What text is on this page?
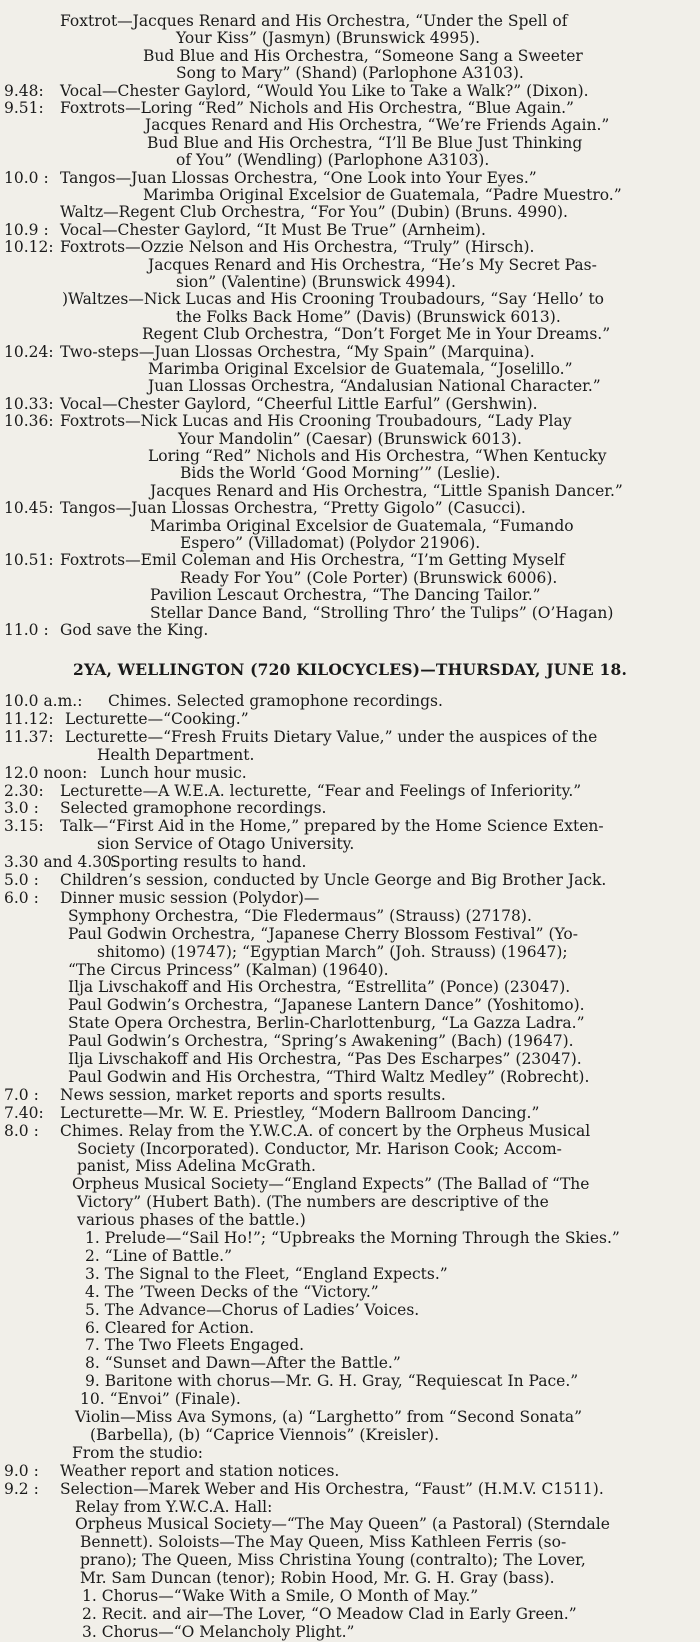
2YA, WELLINGTON (720 KILOCYCLES)—THURSDAY, JUNE 18.
Foxtrot—Jacques Renard and His Orchestra, “Under the Spell of
Your Kiss” (Jasmyn) (Brunswick 4995).
Bud Blue and His Orchestra, “Someone Sang a Sweeter
Song to Mary” (Shand) (Parlophone A3103).
9.48: Vocal—Chester Gaylord, “Would You Like to Take a Walk?” (Dixon).
9.51: Foxtrots—Loring “Red” Nichols and His Orchestra, “Blue Again.”
Jacques Renard and His Orchestra, “We’re Friends Again.”
Bud Blue and His Orchestra, “I’ll Be Blue Just Thinking
of You” (Wendling) (Parlophone A3103).
10.0 : Tangos—Juan Llossas Orchestra, “One Look into Your Eyes.”
Marimba Original Excelsior de Guatemala, “Padre Muestro.”
Waltz—Regent Club Orchestra, “For You” (Dubin) (Bruns. 4990).
10.9 : Vocal—Chester Gaylord, “It Must Be True” (Arnheim).
10.12: Foxtrots—Ozzie Nelson and His Orchestra, “Truly” (Hirsch).
Jacques Renard and His Orchestra, “He’s My Secret Pas-
sion” (Valentine) (Brunswick 4994).
)Waltzes—Nick Lucas and His Crooning Troubadours, “Say ‘Hello’ to
the Folks Back Home” (Davis) (Brunswick 6013).
Regent Club Orchestra, “Don’t Forget Me in Your Dreams.”
10.24: Two-steps—Juan Llossas Orchestra, “My Spain” (Marquina).
Marimba Original Excelsior de Guatemala, “Joselillo.”
Juan Llossas Orchestra, “Andalusian National Character.”
10.33: Vocal—Chester Gaylord, “Cheerful Little Earful” (Gershwin).
10.36: Foxtrots—Nick Lucas and His Crooning Troubadours, “Lady Play
Your Mandolin” (Caesar) (Brunswick 6013).
Loring “Red” Nichols and His Orchestra, “When Kentucky
Bids the World ‘Good Morning’” (Leslie).
Jacques Renard and His Orchestra, “Little Spanish Dancer.”
10.45: Tangos—Juan Llossas Orchestra, “Pretty Gigolo” (Casucci).
Marimba Original Excelsior de Guatemala, “Fumando
Espero” (Villadomat) (Polydor 21906).
10.51: Foxtrots—Emil Coleman and His Orchestra, “I’m Getting Myself
Ready For You” (Cole Porter) (Brunswick 6006).
Pavilion Lescaut Orchestra, “The Dancing Tailor.”
Stellar Dance Band, “Strolling Thro’ the Tulips” (O’Hagan)
11.0 : God save the King.
10.0 a.m.: Chimes. Selected gramophone recordings.
11.12: Lecturette—“Cooking.”
11.37: Lecturette—“Fresh Fruits Dietary Value,” under the auspices of the
Health Department.
12.0 noon: Lunch hour music.
2.30: Lecturette—A W.E.A. lecturette, “Fear and Feelings of Inferiority.”
3.0 : Selected gramophone recordings.
3.15: Talk—“First Aid in the Home,” prepared by the Home Science Exten-
sion Service of Otago University.
3.30 and 4.30:
Sporting results to hand.
5.0 : Children’s session, conducted by Uncle George and Big Brother Jack.
6.0 : Dinner music session (Polydor)—
Symphony Orchestra, “Die Fledermaus” (Strauss) (27178).
Paul Godwin Orchestra, “Japanese Cherry Blossom Festival” (Yo-
shitomo) (19747); “Egyptian March” (Joh. Strauss) (19647);
“The Circus Princess” (Kalman) (19640).
Ilja Livschakoff and His Orchestra, “Estrellita” (Ponce) (23047).
Paul Godwin’s Orchestra, “Japanese Lantern Dance” (Yoshitomo).
State Opera Orchestra, Berlin-Charlottenburg, “La Gazza Ladra.”
Paul Godwin’s Orchestra, “Spring’s Awakening” (Bach) (19647).
Ilja Livschakoff and His Orchestra, “Pas Des Escharpes” (23047).
Paul Godwin and His Orchestra, “Third Waltz Medley” (Robrecht).
7.0 : News session, market reports and sports results.
7.40: Lecturette—Mr. W. E. Priestley, “Modern Ballroom Dancing.”
8.0 : Chimes. Relay from the Y.W.C.A. of concert by the Orpheus Musical
Society (Incorporated). Conductor, Mr. Harison Cook; Accom-
panist, Miss Adelina McGrath.
Orpheus Musical Society—“England Expects” (The Ballad of “The
Victory” (Hubert Bath). (The numbers are descriptive of the
various phases of the battle.)
1. Prelude—“Sail Ho!”; “Upbreaks the Morning Through the Skies.”
2. “Line of Battle.”
3. The Signal to the Fleet, “England Expects.”
4. The ’Tween Decks of the “Victory.”
5. The Advance—Chorus of Ladies’ Voices.
6. Cleared for Action.
7. The Two Fleets Engaged.
8. “Sunset and Dawn—After the Battle.”
9. Baritone with chorus—Mr. G. H. Gray, “Requiescat In Pace.”
10. “Envoi” (Finale).
Violin—Miss Ava Symons, (a) “Larghetto” from “Second Sonata”
(Barbella), (b) “Caprice Viennois” (Kreisler).
From the studio:
9.0 : Weather report and station notices.
9.2 : Selection—Marek Weber and His Orchestra, “Faust” (H.M.V. C1511).
Relay from Y.W.C.A. Hall:
Orpheus Musical Society—“The May Queen” (a Pastoral) (Sterndale
Bennett). Soloists—The May Queen, Miss Kathleen Ferris (so-
prano); The Queen, Miss Christina Young (contralto); The Lover,
Mr. Sam Duncan (tenor); Robin Hood, Mr. G. H. Gray (bass).
1. Chorus—“Wake With a Smile, O Month of May.”
2. Recit. and air—The Lover, “O Meadow Clad in Early Green.”
3. Chorus—“O Melancholy Plight.”
